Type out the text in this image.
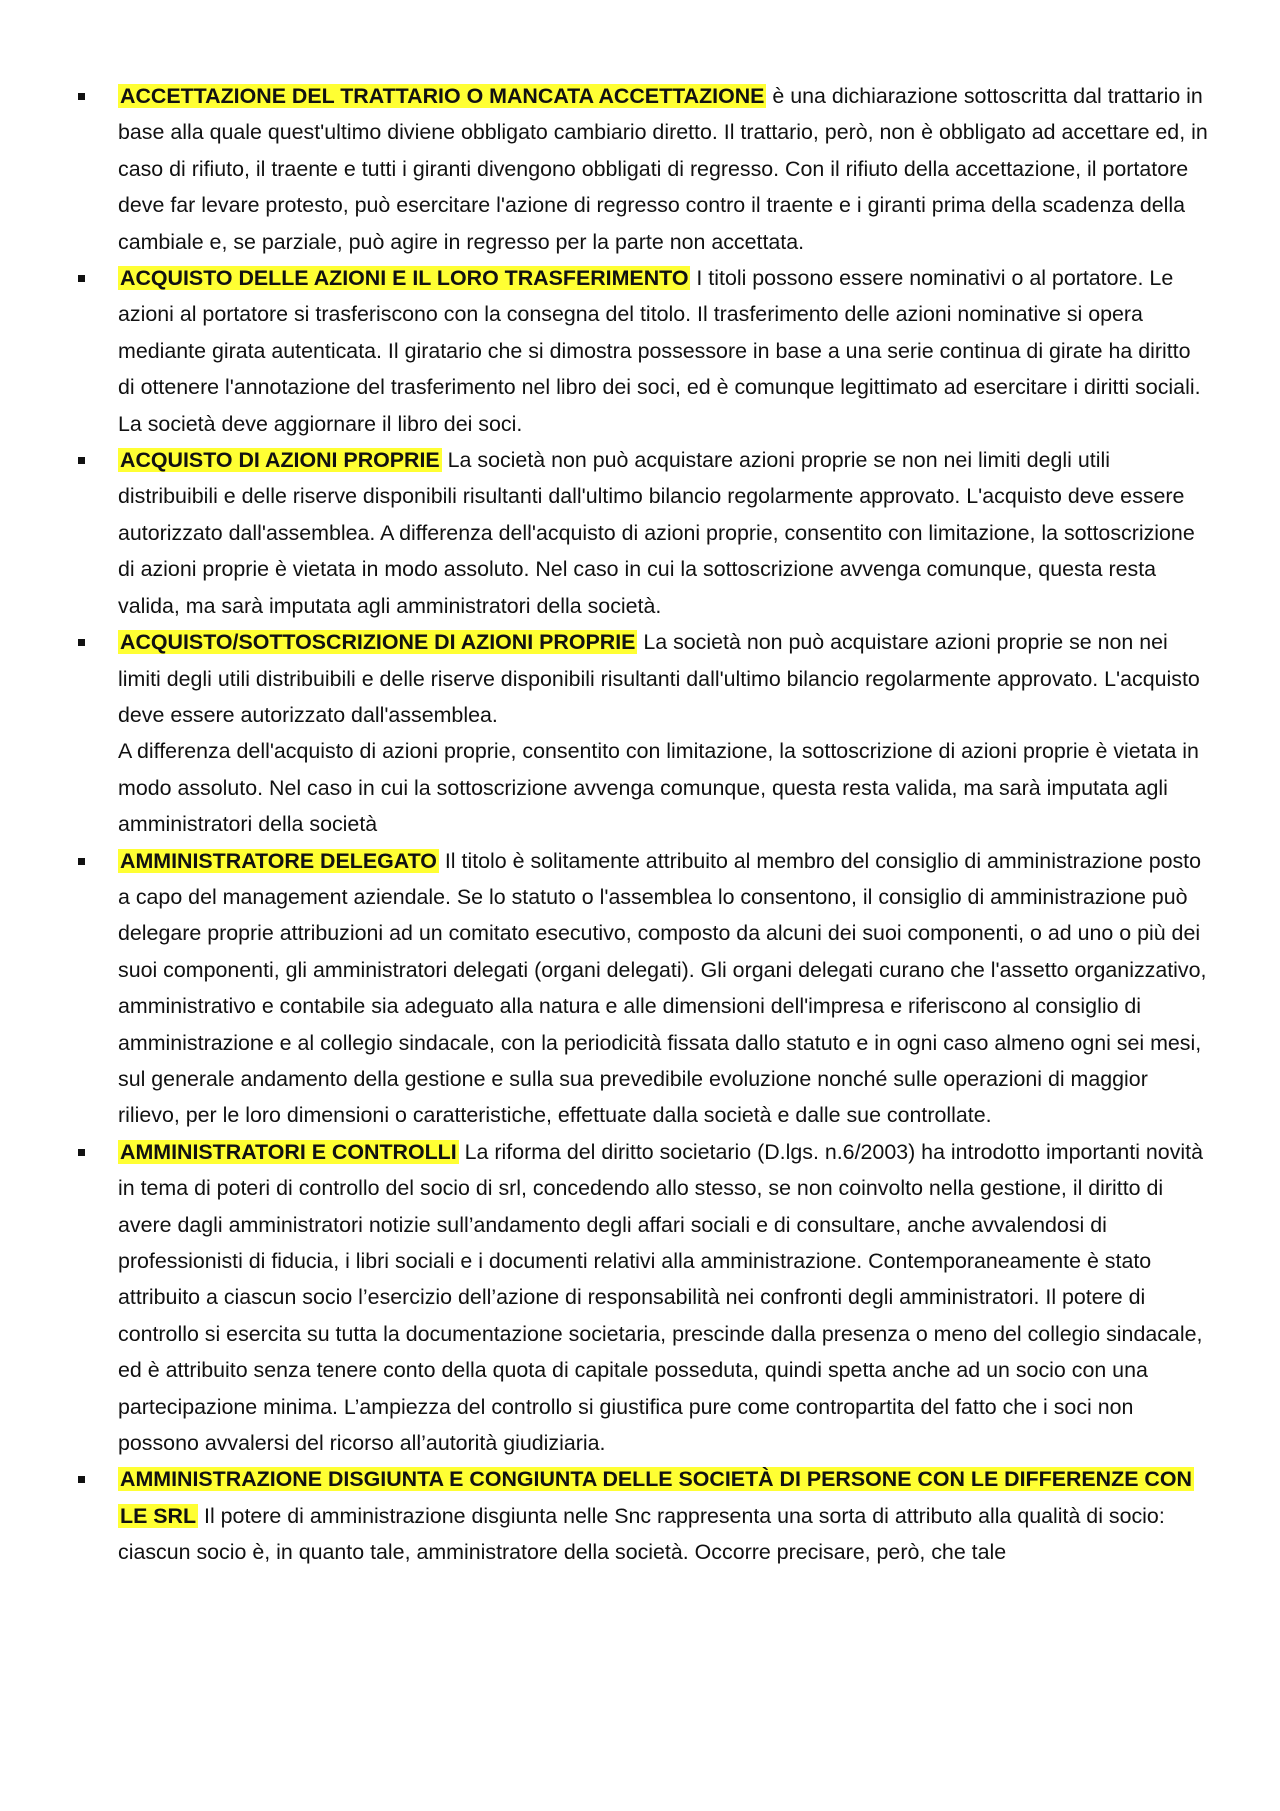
ACCETTAZIONE DEL TRATTARIO O MANCATA ACCETTAZIONE è una dichiarazione sottoscritta dal trattario in base alla quale quest'ultimo diviene obbligato cambiario diretto. Il trattario, però, non è obbligato ad accettare ed, in caso di rifiuto, il traente e tutti i giranti divengono obbligati di regresso. Con il rifiuto della accettazione, il portatore deve far levare protesto, può esercitare l'azione di regresso contro il traente e i giranti prima della scadenza della cambiale e, se parziale, può agire in regresso per la parte non accettata.
ACQUISTO DELLE AZIONI E IL LORO TRASFERIMENTO I titoli possono essere nominativi o al portatore. Le azioni al portatore si trasferiscono con la consegna del titolo. Il trasferimento delle azioni nominative si opera mediante girata autenticata. Il giratario che si dimostra possessore in base a una serie continua di girate ha diritto di ottenere l'annotazione del trasferimento nel libro dei soci, ed è comunque legittimato ad esercitare i diritti sociali. La società deve aggiornare il libro dei soci.
ACQUISTO DI AZIONI PROPRIE La società non può acquistare azioni proprie se non nei limiti degli utili distribuibili e delle riserve disponibili risultanti dall'ultimo bilancio regolarmente approvato. L'acquisto deve essere autorizzato dall'assemblea. A differenza dell'acquisto di azioni proprie, consentito con limitazione, la sottoscrizione di azioni proprie è vietata in modo assoluto. Nel caso in cui la sottoscrizione avvenga comunque, questa resta valida, ma sarà imputata agli amministratori della società.
ACQUISTO/SOTTOSCRIZIONE DI AZIONI PROPRIE La società non può acquistare azioni proprie se non nei limiti degli utili distribuibili e delle riserve disponibili risultanti dall'ultimo bilancio regolarmente approvato. L'acquisto deve essere autorizzato dall'assemblea.
A differenza dell'acquisto di azioni proprie, consentito con limitazione, la sottoscrizione di azioni proprie è vietata in modo assoluto. Nel caso in cui la sottoscrizione avvenga comunque, questa resta valida, ma sarà imputata agli amministratori della società
AMMINISTRATORE DELEGATO Il titolo è solitamente attribuito al membro del consiglio di amministrazione posto a capo del management aziendale. Se lo statuto o l'assemblea lo consentono, il consiglio di amministrazione può delegare proprie attribuzioni ad un comitato esecutivo, composto da alcuni dei suoi componenti, o ad uno o più dei suoi componenti, gli amministratori delegati (organi delegati). Gli organi delegati curano che l'assetto organizzativo, amministrativo e contabile sia adeguato alla natura e alle dimensioni dell'impresa e riferiscono al consiglio di amministrazione e al collegio sindacale, con la periodicità fissata dallo statuto e in ogni caso almeno ogni sei mesi, sul generale andamento della gestione e sulla sua prevedibile evoluzione nonché sulle operazioni di maggior rilievo, per le loro dimensioni o caratteristiche, effettuate dalla società e dalle sue controllate.
AMMINISTRATORI E CONTROLLI La riforma del diritto societario (D.lgs. n.6/2003) ha introdotto importanti novità in tema di poteri di controllo del socio di srl, concedendo allo stesso, se non coinvolto nella gestione, il diritto di avere dagli amministratori notizie sull’andamento degli affari sociali e di consultare, anche avvalendosi di professionisti di fiducia, i libri sociali e i documenti relativi alla amministrazione. Contemporaneamente è stato attribuito a ciascun socio l’esercizio dell’azione di responsabilità nei confronti degli amministratori. Il potere di controllo si esercita su tutta la documentazione societaria, prescinde dalla presenza o meno del collegio sindacale, ed è attribuito senza tenere conto della quota di capitale posseduta, quindi spetta anche ad un socio con una partecipazione minima. L’ampiezza del controllo si giustifica pure come contropartita del fatto che i soci non possono avvalersi del ricorso all’autorità giudiziaria.
AMMINISTRAZIONE DISGIUNTA E CONGIUNTA DELLE SOCIETÀ DI PERSONE CON LE DIFFERENZE CON LE SRL Il potere di amministrazione disgiunta nelle Snc rappresenta una sorta di attributo alla qualità di socio: ciascun socio è, in quanto tale, amministratore della società. Occorre precisare, però, che tale
